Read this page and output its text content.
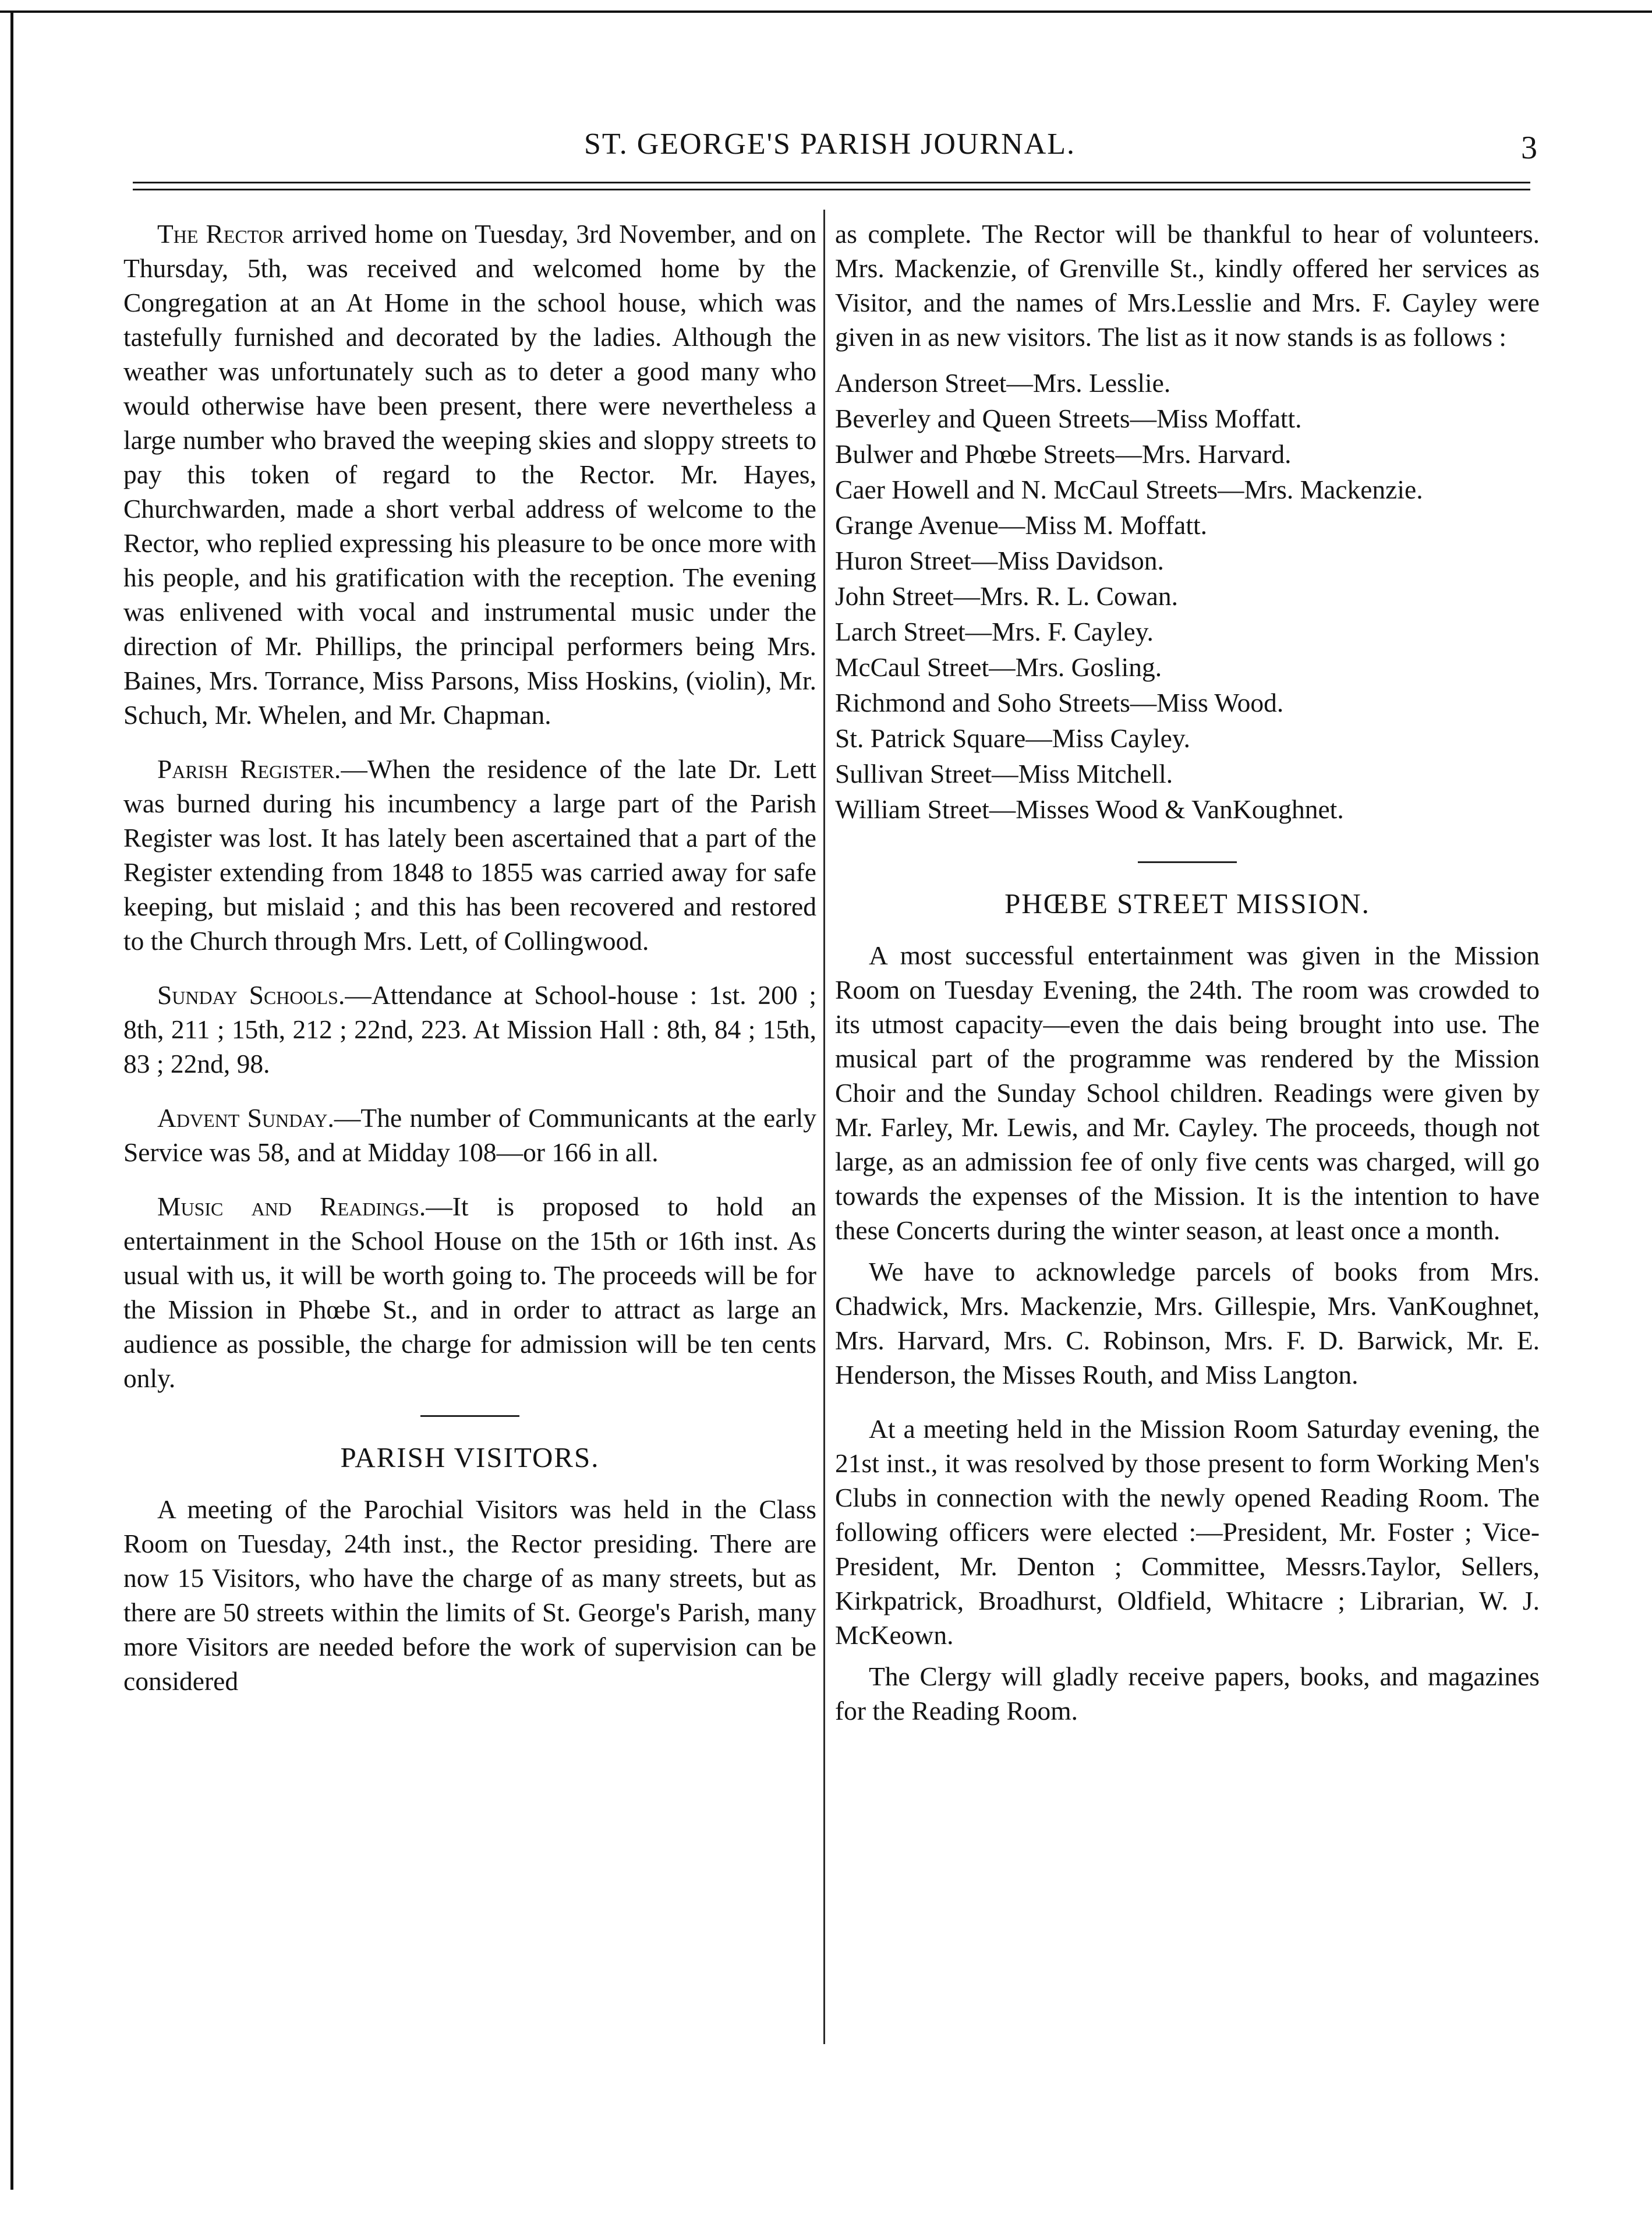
ST. GEORGE'S PARISH JOURNAL.	3

The Rector arrived home on Tuesday, 3rd November, and on Thursday, 5th, was received and welcomed home by the Congregation at an At Home in the school house, which was tastefully furnished and decorated by the ladies. Although the weather was unfortunately such as to deter a good many who would otherwise have been present, there were nevertheless a large number who braved the weeping skies and sloppy streets to pay this token of regard to the Rector. Mr. Hayes, Churchwarden, made a short verbal address of welcome to the Rector, who replied expressing his pleasure to be once more with his people, and his gratification with the reception. The evening was enlivened with vocal and instrumental music under the direction of Mr. Phillips, the principal performers being Mrs. Baines, Mrs. Torrance, Miss Parsons, Miss Hoskins, (violin), Mr. Schuch, Mr. Whelen, and Mr. Chapman.

Parish Register.—When the residence of the late Dr. Lett was burned during his incumbency a large part of the Parish Register was lost. It has lately been ascertained that a part of the Register extending from 1848 to 1855 was carried away for safe keeping, but mislaid ; and this has been recovered and restored to the Church through Mrs. Lett, of Collingwood.

Sunday Schools.—Attendance at School-house : 1st. 200 ; 8th, 211 ; 15th, 212 ; 22nd, 223. At Mission Hall : 8th, 84 ; 15th, 83 ; 22nd, 98.

Advent Sunday.—The number of Communicants at the early Service was 58, and at Midday 108—or 166 in all.

Music and Readings.—It is proposed to hold an entertainment in the School House on the 15th or 16th inst. As usual with us, it will be worth going to. The proceeds will be for the Mission in Phœbe St., and in order to attract as large an audience as possible, the charge for admission will be ten cents only.

PARISH VISITORS.

A meeting of the Parochial Visitors was held in the Class Room on Tuesday, 24th inst., the Rector presiding. There are now 15 Visitors, who have the charge of as many streets, but as there are 50 streets within the limits of St. George's Parish, many more Visitors are needed before the work of supervision can be considered

as complete. The Rector will be thankful to hear of volunteers. Mrs. Mackenzie, of Grenville St., kindly offered her services as Visitor, and the names of Mrs.Lesslie and Mrs. F. Cayley were given in as new visitors. The list as it now stands is as follows :

Anderson Street—Mrs. Lesslie.
Beverley and Queen Streets—Miss Moffatt.
Bulwer and Phœbe Streets—Mrs. Harvard.
Caer Howell and N. McCaul Streets—Mrs. Mackenzie.
Grange Avenue—Miss M. Moffatt.
Huron Street—Miss Davidson.
John Street—Mrs. R. L. Cowan.
Larch Street—Mrs. F. Cayley.
McCaul Street—Mrs. Gosling.
Richmond and Soho Streets—Miss Wood.
St. Patrick Square—Miss Cayley.
Sullivan Street—Miss Mitchell.
William Street—Misses Wood & VanKoughnet.
PHŒBE STREET MISSION.

A most successful entertainment was given in the Mission Room on Tuesday Evening, the 24th. The room was crowded to its utmost capacity—even the dais being brought into use. The musical part of the programme was rendered by the Mission Choir and the Sunday School children. Readings were given by Mr. Farley, Mr. Lewis, and Mr. Cayley. The proceeds, though not large, as an admission fee of only five cents was charged, will go towards the expenses of the Mission. It is the intention to have these Concerts during the winter season, at least once a month.

We have to acknowledge parcels of books from Mrs. Chadwick, Mrs. Mackenzie, Mrs. Gillespie, Mrs. VanKoughnet, Mrs. Harvard, Mrs. C. Robinson, Mrs. F. D. Barwick, Mr. E. Henderson, the Misses Routh, and Miss Langton.

At a meeting held in the Mission Room Saturday evening, the 21st inst., it was resolved by those present to form Working Men's Clubs in connection with the newly opened Reading Room. The following officers were elected :—President, Mr. Foster ; Vice-President, Mr. Denton ; Committee, Messrs.Taylor, Sellers, Kirkpatrick, Broadhurst, Oldfield, Whitacre ; Librarian, W. J. McKeown.

The Clergy will gladly receive papers, books, and magazines for the Reading Room.
